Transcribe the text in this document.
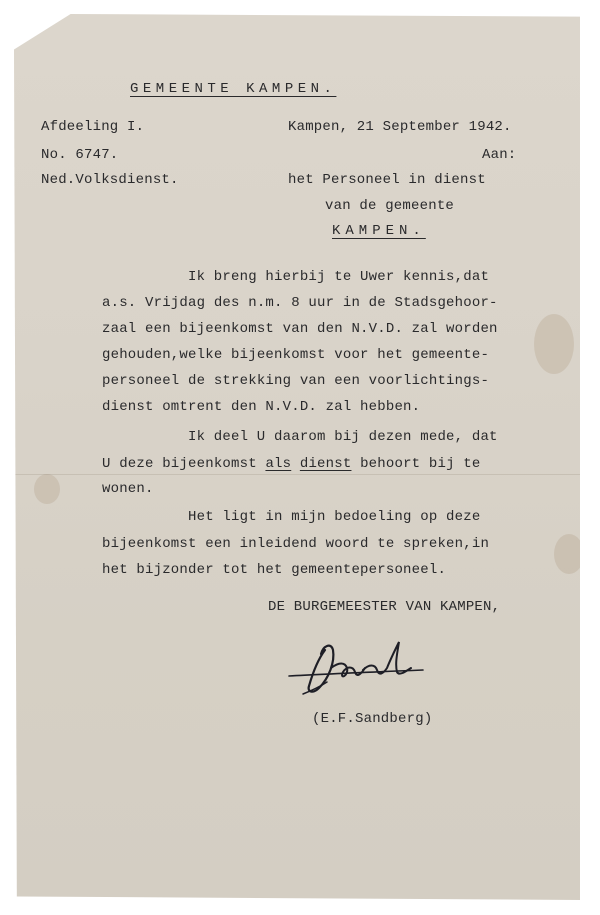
GEMEENTE KAMPEN.
Afdeeling I.
No. 6747.
Ned.Volksdienst.
Kampen, 21 September 1942.
Aan:
het Personeel in dienst
van de gemeente
KAMPEN.
Ik breng hierbij te Uwer kennis,dat
a.s. Vrijdag des n.m. 8 uur in de Stadsgehoor-
zaal een bijeenkomst van den N.V.D. zal worden
gehouden,welke bijeenkomst voor het gemeente-
personeel de strekking van een voorlichtings-
dienst omtrent den N.V.D. zal hebben.
Ik deel U daarom bij dezen mede, dat
U deze bijeenkomst als dienst behoort bij te
wonen.
Het ligt in mijn bedoeling op deze
bijeenkomst een inleidend woord te spreken,in
het bijzonder tot het gemeentepersoneel.
DE BURGEMEESTER VAN KAMPEN,
(E.F.Sandberg)
